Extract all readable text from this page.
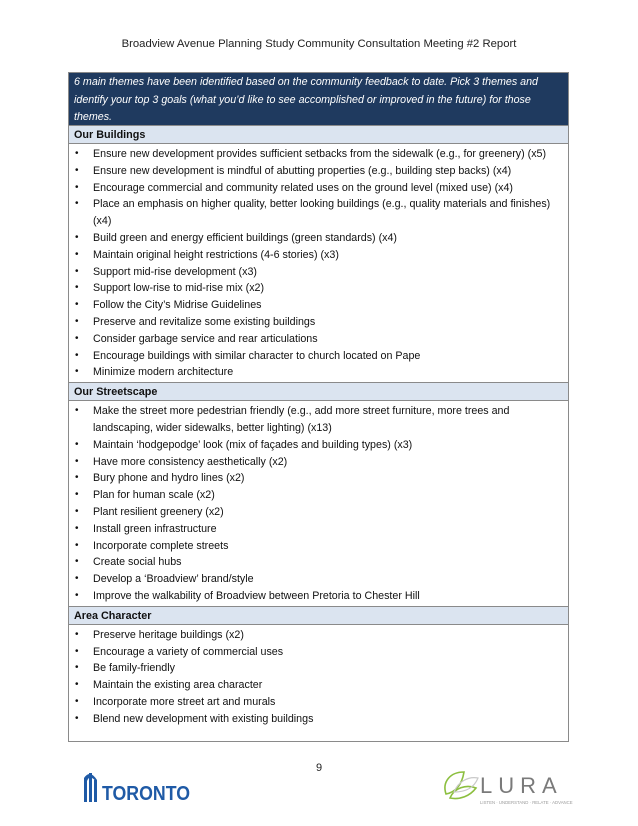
Broadview Avenue Planning Study Community Consultation Meeting #2 Report
6 main themes have been identified based on the community feedback to date. Pick 3 themes and identify your top 3 goals (what you’d like to see accomplished or improved in the future) for those themes.
Our Buildings
• Ensure new development provides sufficient setbacks from the sidewalk (e.g., for greenery) (x5)
• Ensure new development is mindful of abutting properties (e.g., building step backs) (x4)
• Encourage commercial and community related uses on the ground level (mixed use) (x4)
• Place an emphasis on higher quality, better looking buildings (e.g., quality materials and finishes) (x4)
• Build green and energy efficient buildings (green standards) (x4)
• Maintain original height restrictions (4-6 stories) (x3)
• Support mid-rise development (x3)
• Support low-rise to mid-rise mix (x2)
• Follow the City’s Midrise Guidelines
• Preserve and revitalize some existing buildings
• Consider garbage service and rear articulations
• Encourage buildings with similar character to church located on Pape
• Minimize modern architecture
Our Streetscape
• Make the street more pedestrian friendly (e.g., add more street furniture, more trees and landscaping, wider sidewalks, better lighting) (x13)
• Maintain ‘hodgepodge’ look (mix of façades and building types) (x3)
• Have more consistency aesthetically (x2)
• Bury phone and hydro lines (x2)
• Plan for human scale (x2)
• Plant resilient greenery (x2)
• Install green infrastructure
• Incorporate complete streets
• Create social hubs
• Develop a ‘Broadview’ brand/style
• Improve the walkability of Broadview between Pretoria to Chester Hill
Area Character
• Preserve heritage buildings (x2)
• Encourage a variety of commercial uses
• Be family-friendly
• Maintain the existing area character
• Incorporate more street art and murals
• Blend new development with existing buildings
9
TORONTO	LURA
LISTEN · UNDERSTAND · RELATE · ADVANCE
